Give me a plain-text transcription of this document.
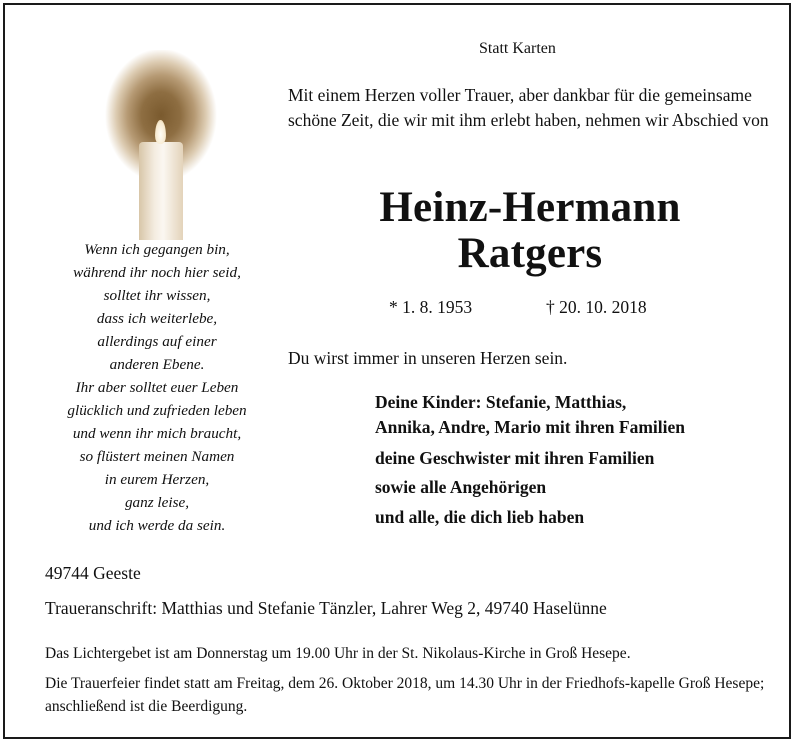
Wenn ich gegangen bin,
während ihr noch hier seid,
solltet ihr wissen,
dass ich weiterlebe,
allerdings auf einer
anderen Ebene.
Ihr aber solltet euer Leben
glücklich und zufrieden leben
und wenn ihr mich braucht,
so flüstert meinen Namen
in eurem Herzen,
ganz leise,
und ich werde da sein.
Statt Karten
Mit einem Herzen voller Trauer, aber dankbar für die gemeinsame schöne Zeit, die wir mit ihm erlebt haben, nehmen wir Abschied von
Heinz-Hermann
Ratgers
* 1. 8. 1953	† 20. 10. 2018
Du wirst immer in unseren Herzen sein.
Deine Kinder: Stefanie, Matthias,
Annika, Andre, Mario mit ihren Familien
deine Geschwister mit ihren Familien
sowie alle Angehörigen
und alle, die dich lieb haben
49744 Geeste
Traueranschrift: Matthias und Stefanie Tänzler, Lahrer Weg 2, 49740 Haselünne
Das Lichtergebet ist am Donnerstag um 19.00 Uhr in der St. Nikolaus-Kirche in Groß Hesepe.
Die Trauerfeier findet statt am Freitag, dem 26. Oktober 2018, um 14.30 Uhr in der Friedhofs-kapelle Groß Hesepe; anschließend ist die Beerdigung.
